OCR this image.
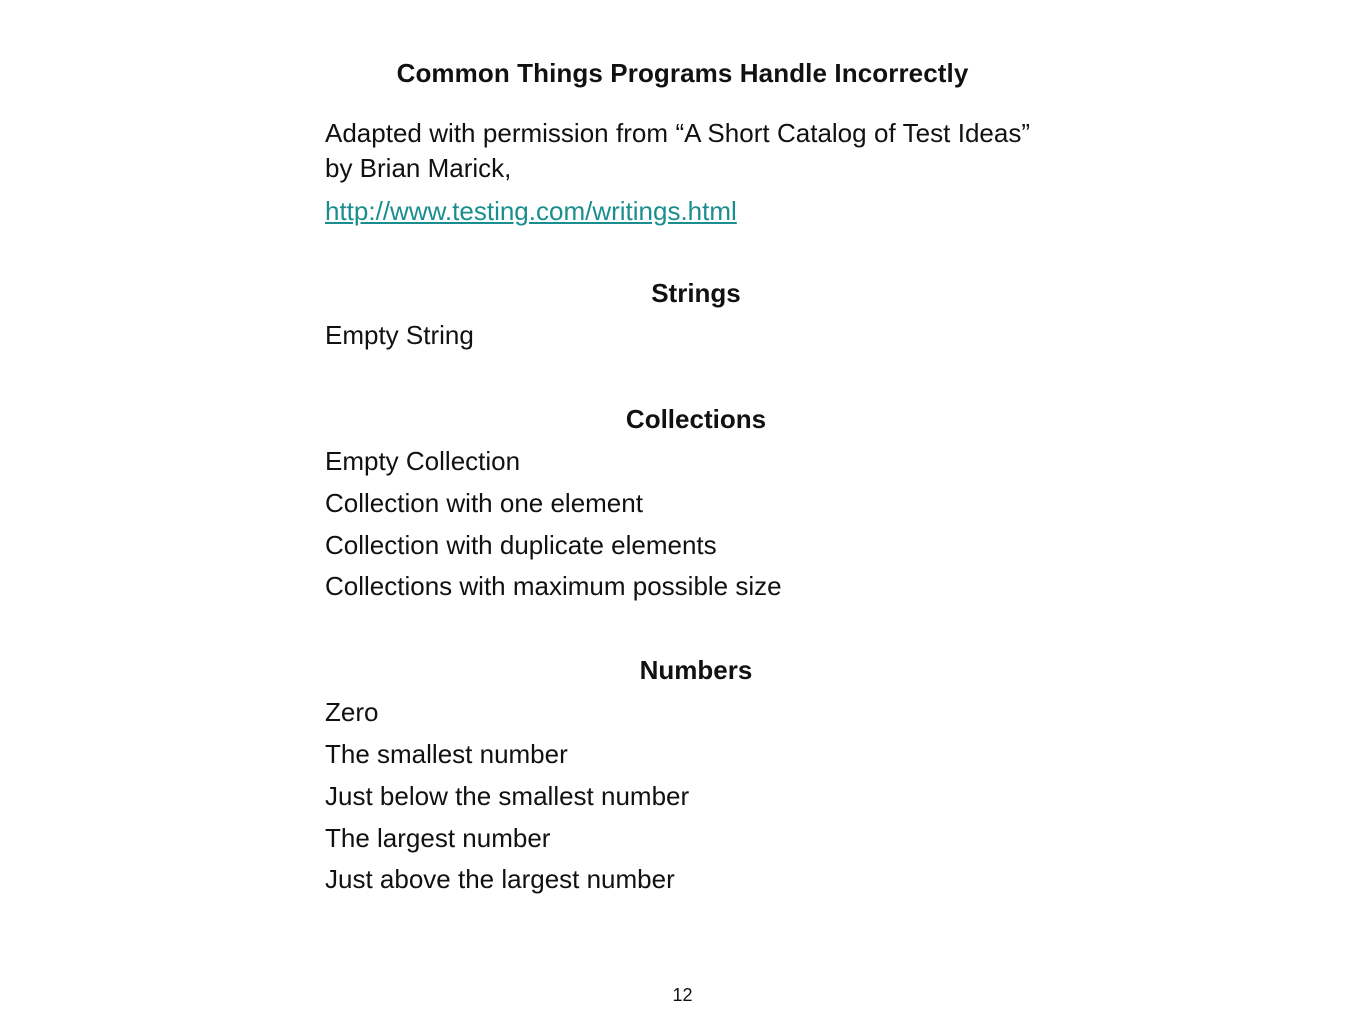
Common Things Programs Handle Incorrectly
Adapted with permission from “A Short Catalog of Test Ideas” by Brian Marick,
http://www.testing.com/writings.html
Strings
Empty String
Collections
Empty Collection
Collection with one element
Collection with duplicate elements
Collections with maximum possible size
Numbers
Zero
The smallest number
Just below the smallest number
The largest number
Just above the largest number
12
